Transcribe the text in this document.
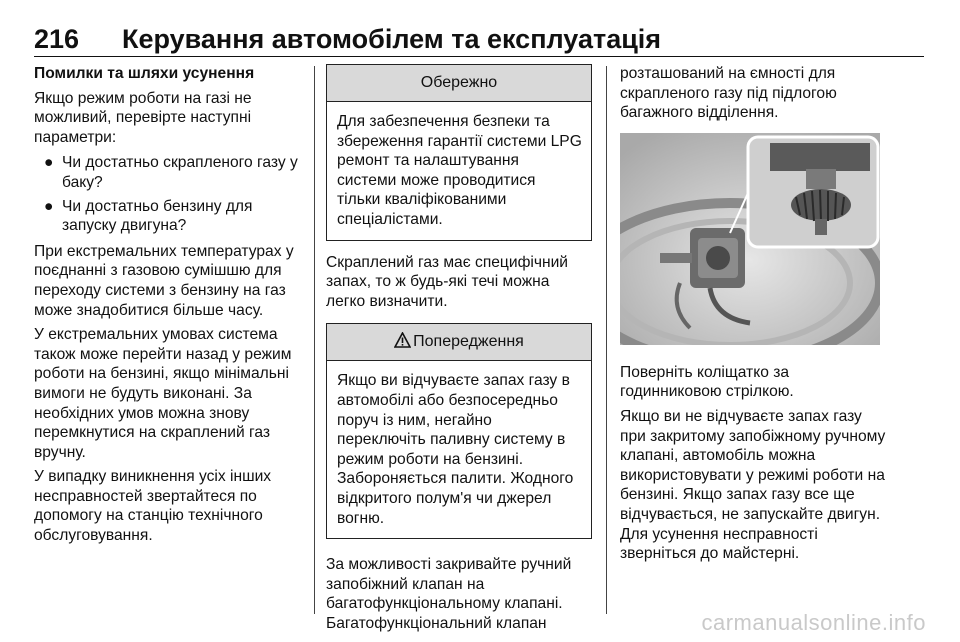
216 Керування автомобілем та експлуатація

Помилки та шляхи усунення

Якщо режим роботи на газі не можливий, перевірте наступні параметри:

● Чи достатньо скрапленого газу у баку?
● Чи достатньо бензину для запуску двигуна?

При екстремальних температурах у поєднанні з газовою сумішшю для переходу системи з бензину на газ може знадобитися більше часу.

У екстремальних умовах система також може перейти назад у режим роботи на бензині, якщо мінімальні вимоги не будуть виконані. За необхідних умов можна знову перемкнутися на скраплений газ вручну.

У випадку виникнення усіх інших несправностей звертайтеся по допомогу на станцію технічного обслуговування.

Обережно
Для забезпечення безпеки та збереження гарантії системи LPG ремонт та налаштування системи може проводитися тільки кваліфікованими спеціалістами.

Скраплений газ має специфічний запах, то ж будь-які течі можна легко визначити.

Попередження
Якщо ви відчуваєте запах газу в автомобілі або безпосередньо поруч із ним, негайно переключіть паливну систему в режим роботи на бензині. Забороняється палити. Жодного відкритого полум'я чи джерел вогню.

За можливості закривайте ручний запобіжний клапан на багатофункціональному клапані. Багатофункціональний клапан

розташований на ємності для скрапленого газу під підлогою багажного відділення.

Поверніть коліщатко за годинниковою стрілкою.

Якщо ви не відчуваєте запах газу при закритому запобіжному ручному клапані, автомобіль можна використовувати у режимі роботи на бензині. Якщо запах газу все ще відчувається, не запускайте двигун. Для усунення несправності зверніться до майстерні.

carmanualsonline.info
